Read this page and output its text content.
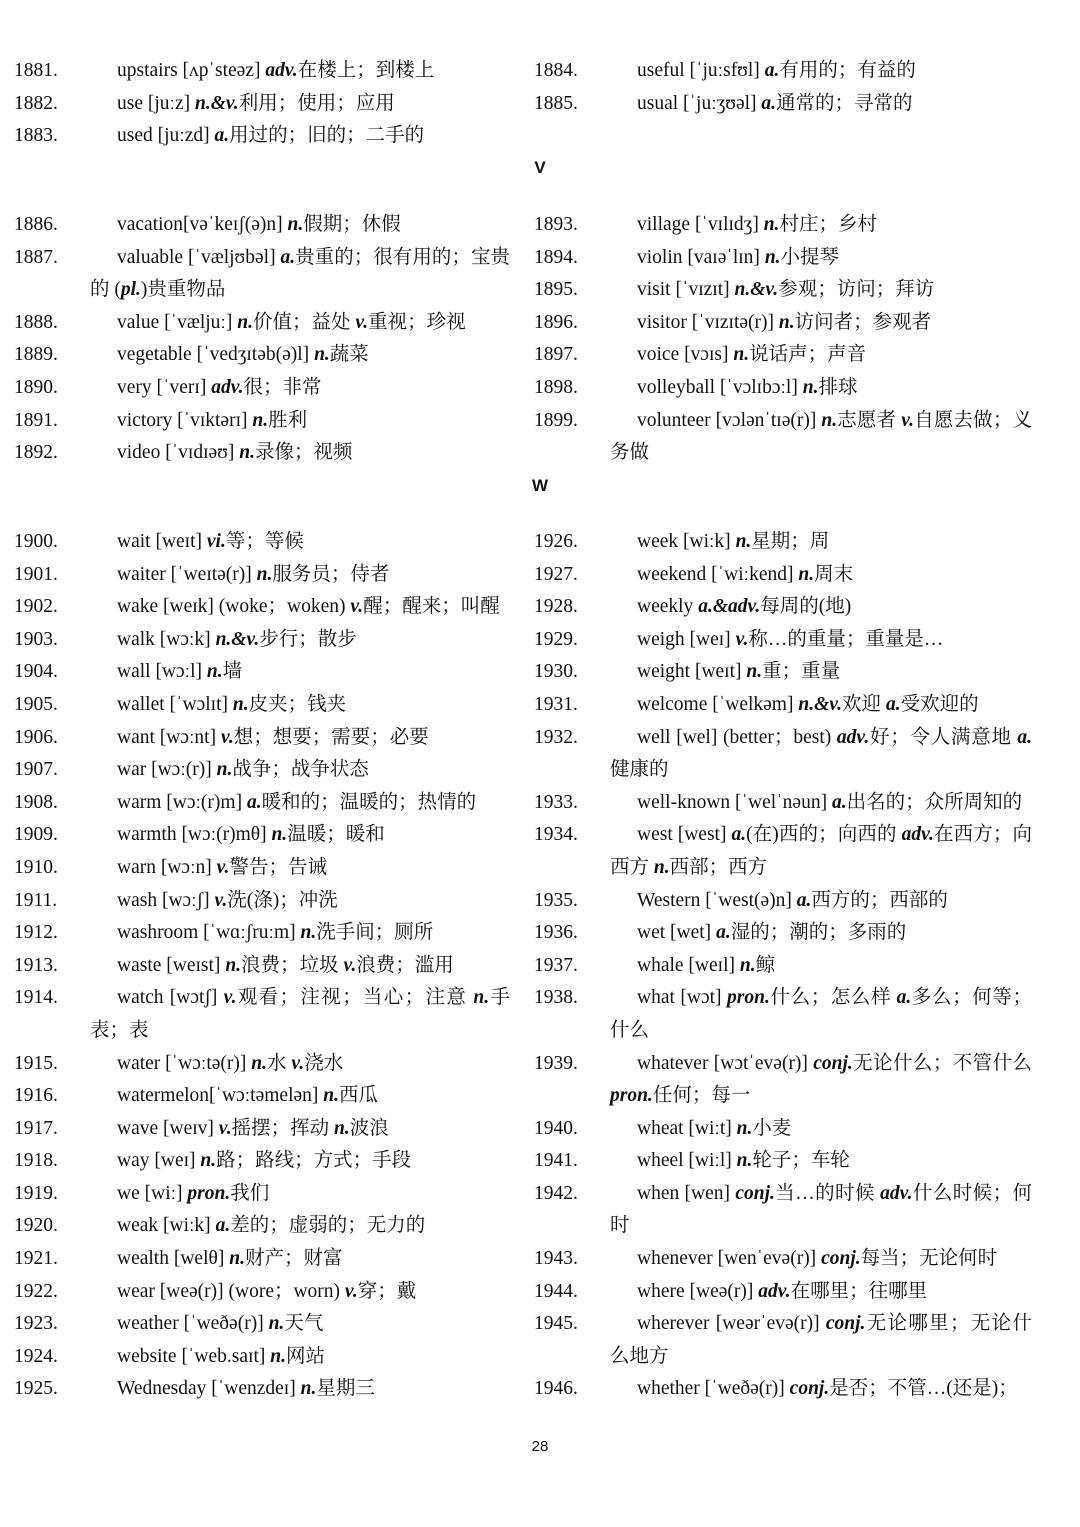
1881.	upstairs [ʌpˈsteəz] adv.在楼上；到楼上
1882.	use [juːz] n.&v.利用；使用；应用
1883.	used [juːzd] a.用过的；旧的；二手的
1884.	useful [ˈjuːsfʊl] a.有用的；有益的
1885.	usual [ˈjuːʒʊəl] a.通常的；寻常的
V
1886.	vacation[vəˈkeɪʃ(ə)n] n.假期；休假
1887.	valuable [ˈvæljʊbəl] a.贵重的；很有用的；宝贵的 (pl.)贵重物品
1888.	value [ˈvæljuː] n.价值；益处 v.重视；珍视
1889.	vegetable [ˈvedʒɪtəb(ə)l] n.蔬菜
1890.	very [ˈverɪ] adv.很；非常
1891.	victory [ˈvɪktərɪ] n.胜利
1892.	video [ˈvɪdɪəʊ] n.录像；视频
1893.	village [ˈvɪlɪdʒ] n.村庄；乡村
1894.	violin [vaɪəˈlɪn] n.小提琴
1895.	visit [ˈvɪzɪt] n.&v.参观；访问；拜访
1896.	visitor [ˈvɪzɪtə(r)] n.访问者；参观者
1897.	voice [vɔɪs] n.说话声；声音
1898.	volleyball [ˈvɔlɪbɔːl] n.排球
1899.	volunteer [vɔlənˈtɪə(r)] n.志愿者 v.自愿去做；义务做
W
1900.	wait [weɪt] vi.等；等候
1901.	waiter [ˈweɪtə(r)] n.服务员；侍者
1902.	wake [weɪk] (woke；woken) v.醒；醒来；叫醒
1903.	walk [wɔːk] n.&v.步行；散步
1904.	wall [wɔːl] n.墙
1905.	wallet [ˈwɔlɪt] n.皮夹；钱夹
1906.	want [wɔːnt] v.想；想要；需要；必要
1907.	war [wɔː(r)] n.战争；战争状态
1908.	warm [wɔː(r)m] a.暖和的；温暖的；热情的
1909.	warmth [wɔː(r)mθ] n.温暖；暖和
1910.	warn [wɔːn] v.警告；告诫
1911.	wash [wɔːʃ] v.洗(涤)；冲洗
1912.	washroom [ˈwɑːʃruːm] n.洗手间；厕所
1913.	waste [weɪst] n.浪费；垃圾 v.浪费；滥用
1914.	watch [wɔtʃ] v.观看；注视；当心；注意 n.手表；表
1915.	water [ˈwɔːtə(r)] n.水 v.浇水
1916.	watermelon[ˈwɔːtəmelən] n.西瓜
1917.	wave [weɪv] v.摇摆；挥动 n.波浪
1918.	way [weɪ] n.路；路线；方式；手段
1919.	we [wiː] pron.我们
1920.	weak [wiːk] a.差的；虚弱的；无力的
1921.	wealth [welθ] n.财产；财富
1922.	wear [weə(r)] (wore；worn) v.穿；戴
1923.	weather [ˈweðə(r)] n.天气
1924.	website [ˈweb.saɪt] n.网站
1925.	Wednesday [ˈwenzdeɪ] n.星期三
1926.	week [wiːk] n.星期；周
1927.	weekend [ˈwiːkend] n.周末
1928.	weekly a.&adv.每周的(地)
1929.	weigh [weɪ] v.称…的重量；重量是…
1930.	weight [weɪt] n.重；重量
1931.	welcome [ˈwelkəm] n.&v.欢迎 a.受欢迎的
1932.	well [wel] (better；best) adv.好；令人满意地 a.健康的
1933.	well-known [ˈwelˈnəun] a.出名的；众所周知的
1934.	west [west] a.(在)西的；向西的 adv.在西方；向西方 n.西部；西方
1935.	Western [ˈwest(ə)n] a.西方的；西部的
1936.	wet [wet] a.湿的；潮的；多雨的
1937.	whale [weɪl] n.鲸
1938.	what [wɔt] pron.什么；怎么样 a.多么；何等；什么
1939.	whatever [wɔtˈevə(r)] conj.无论什么；不管什么 pron.任何；每一
1940.	wheat [wiːt] n.小麦
1941.	wheel [wiːl] n.轮子；车轮
1942.	when [wen] conj.当…的时候 adv.什么时候；何时
1943.	whenever [wenˈevə(r)] conj.每当；无论何时
1944.	where [weə(r)] adv.在哪里；往哪里
1945.	wherever [weərˈevə(r)] conj.无论哪里；无论什么地方
1946.	whether [ˈweðə(r)] conj.是否；不管…(还是)；
28
